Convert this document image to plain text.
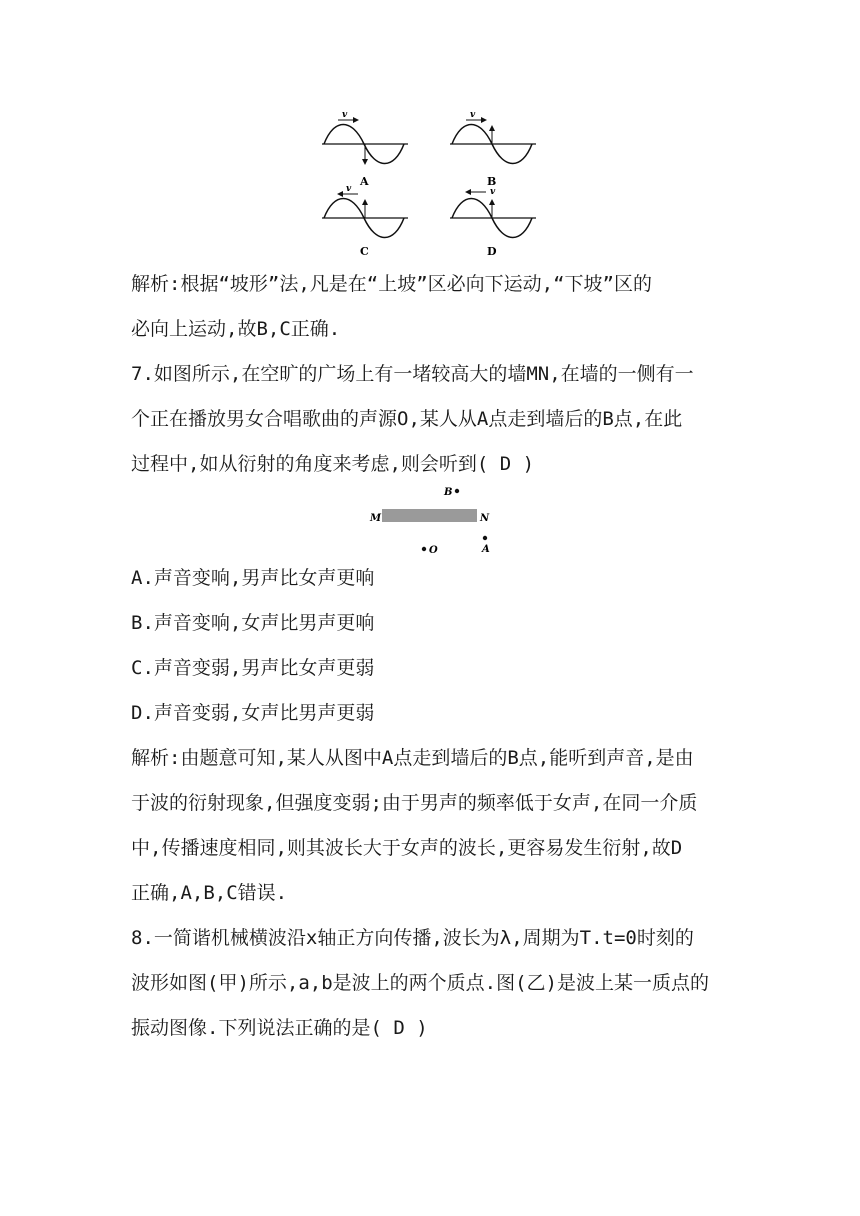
v
A
v
B
v
C
v
D
解析:根据“坡形”法,凡是在“上坡”区必向下运动,“下坡”区的
必向上运动,故B,C正确.
7.如图所示,在空旷的广场上有一堵较高大的墙MN,在墙的一侧有一
个正在播放男女合唱歌曲的声源O,某人从A点走到墙后的B点,在此
过程中,如从衍射的角度来考虑,则会听到( D )
B
M	N
A
O
A.声音变响,男声比女声更响
B.声音变响,女声比男声更响
C.声音变弱,男声比女声更弱
D.声音变弱,女声比男声更弱
解析:由题意可知,某人从图中A点走到墙后的B点,能听到声音,是由
于波的衍射现象,但强度变弱;由于男声的频率低于女声,在同一介质
中,传播速度相同,则其波长大于女声的波长,更容易发生衍射,故D
正确,A,B,C错误.
8.一简谐机械横波沿x轴正方向传播,波长为λ,周期为T.t=0时刻的
波形如图(甲)所示,a,b是波上的两个质点.图(乙)是波上某一质点的
振动图像.下列说法正确的是( D )
